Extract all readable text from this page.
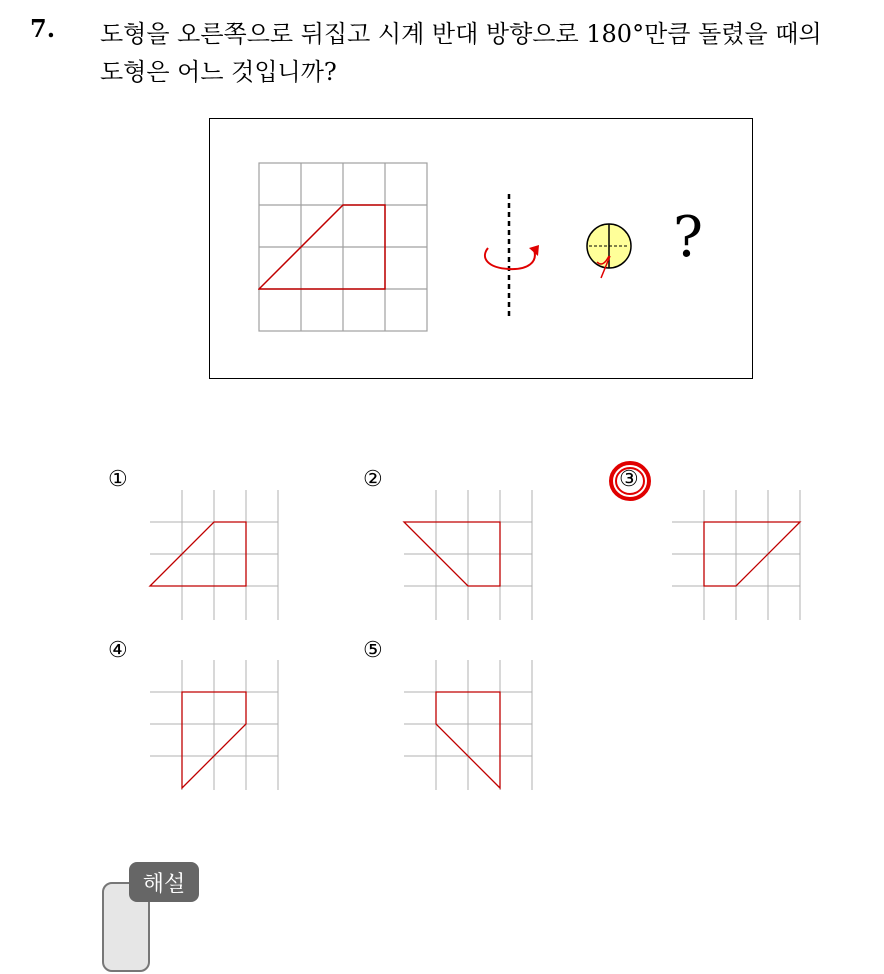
7. 도형을 오른쪽으로 뒤집고 시계 반대 방향으로 180°만큼 돌렸을 때의
도형은 어느 것입니까?
?
①	②	③
④	⑤
해설
